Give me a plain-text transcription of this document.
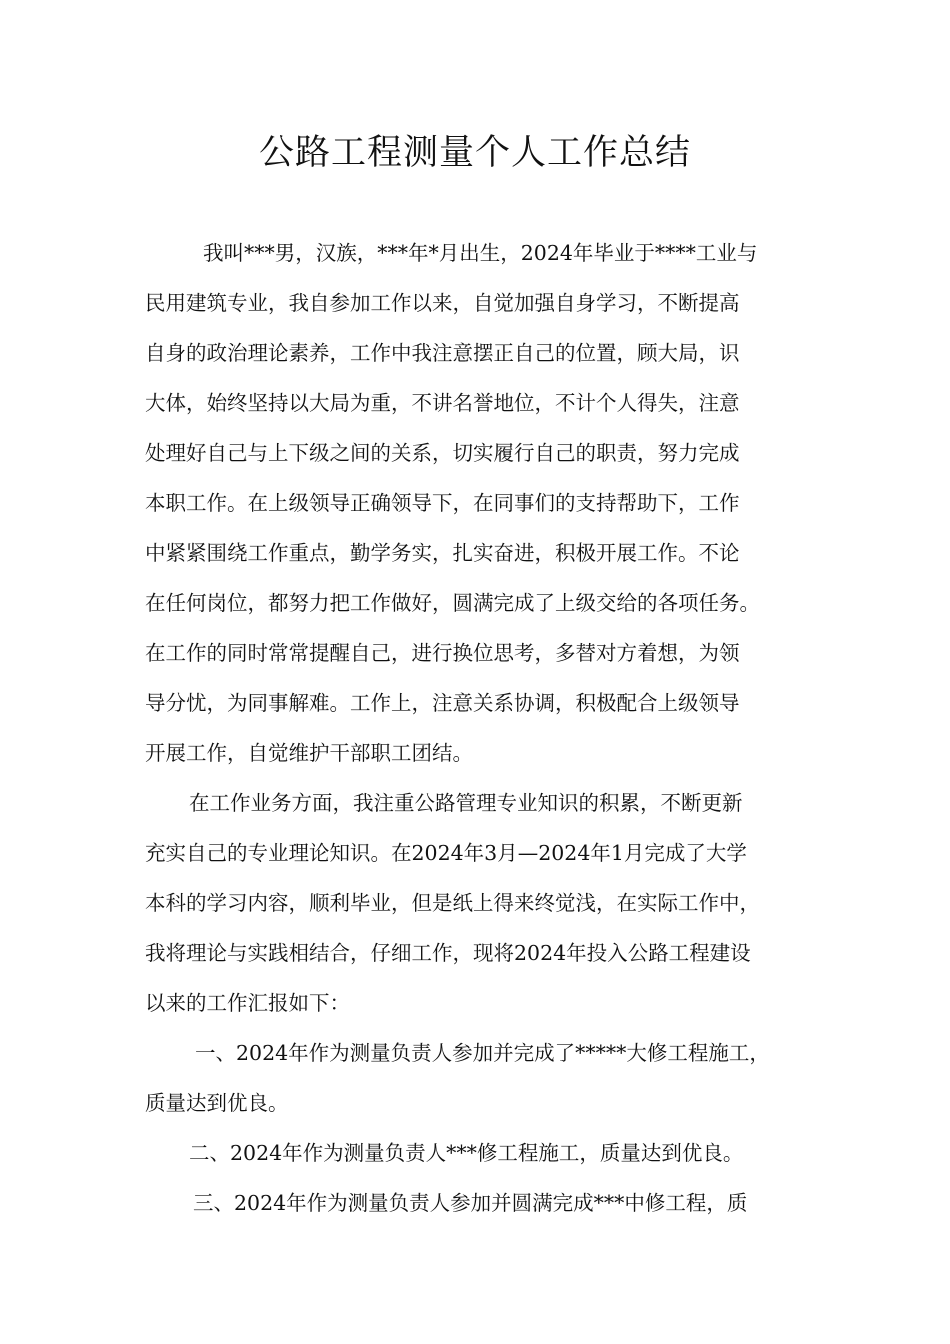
公路工程测量个人工作总结
我叫***男，汉族，***年*月出生，2024年毕业于****工业与
民用建筑专业，我自参加工作以来，自觉加强自身学习，不断提高
自身的政治理论素养，工作中我注意摆正自己的位置，顾大局，识
大体，始终坚持以大局为重，不讲名誉地位，不计个人得失，注意
处理好自己与上下级之间的关系，切实履行自己的职责，努力完成
本职工作。在上级领导正确领导下，在同事们的支持帮助下，工作
中紧紧围绕工作重点，勤学务实，扎实奋进，积极开展工作。不论
在任何岗位，都努力把工作做好，圆满完成了上级交给的各项任务。
在工作的同时常常提醒自己，进行换位思考，多替对方着想，为领
导分忧，为同事解难。工作上，注意关系协调，积极配合上级领导
开展工作，自觉维护干部职工团结。
在工作业务方面，我注重公路管理专业知识的积累，不断更新
充实自己的专业理论知识。在2024年3月—2024年1月完成了大学
本科的学习内容，顺利毕业，但是纸上得来终觉浅，在实际工作中，
我将理论与实践相结合，仔细工作，现将2024年投入公路工程建设
以来的工作汇报如下：
一、2024年作为测量负责人参加并完成了*****大修工程施工，
质量达到优良。
二、2024年作为测量负责人***修工程施工，质量达到优良。
三、2024年作为测量负责人参加并圆满完成***中修工程，质
